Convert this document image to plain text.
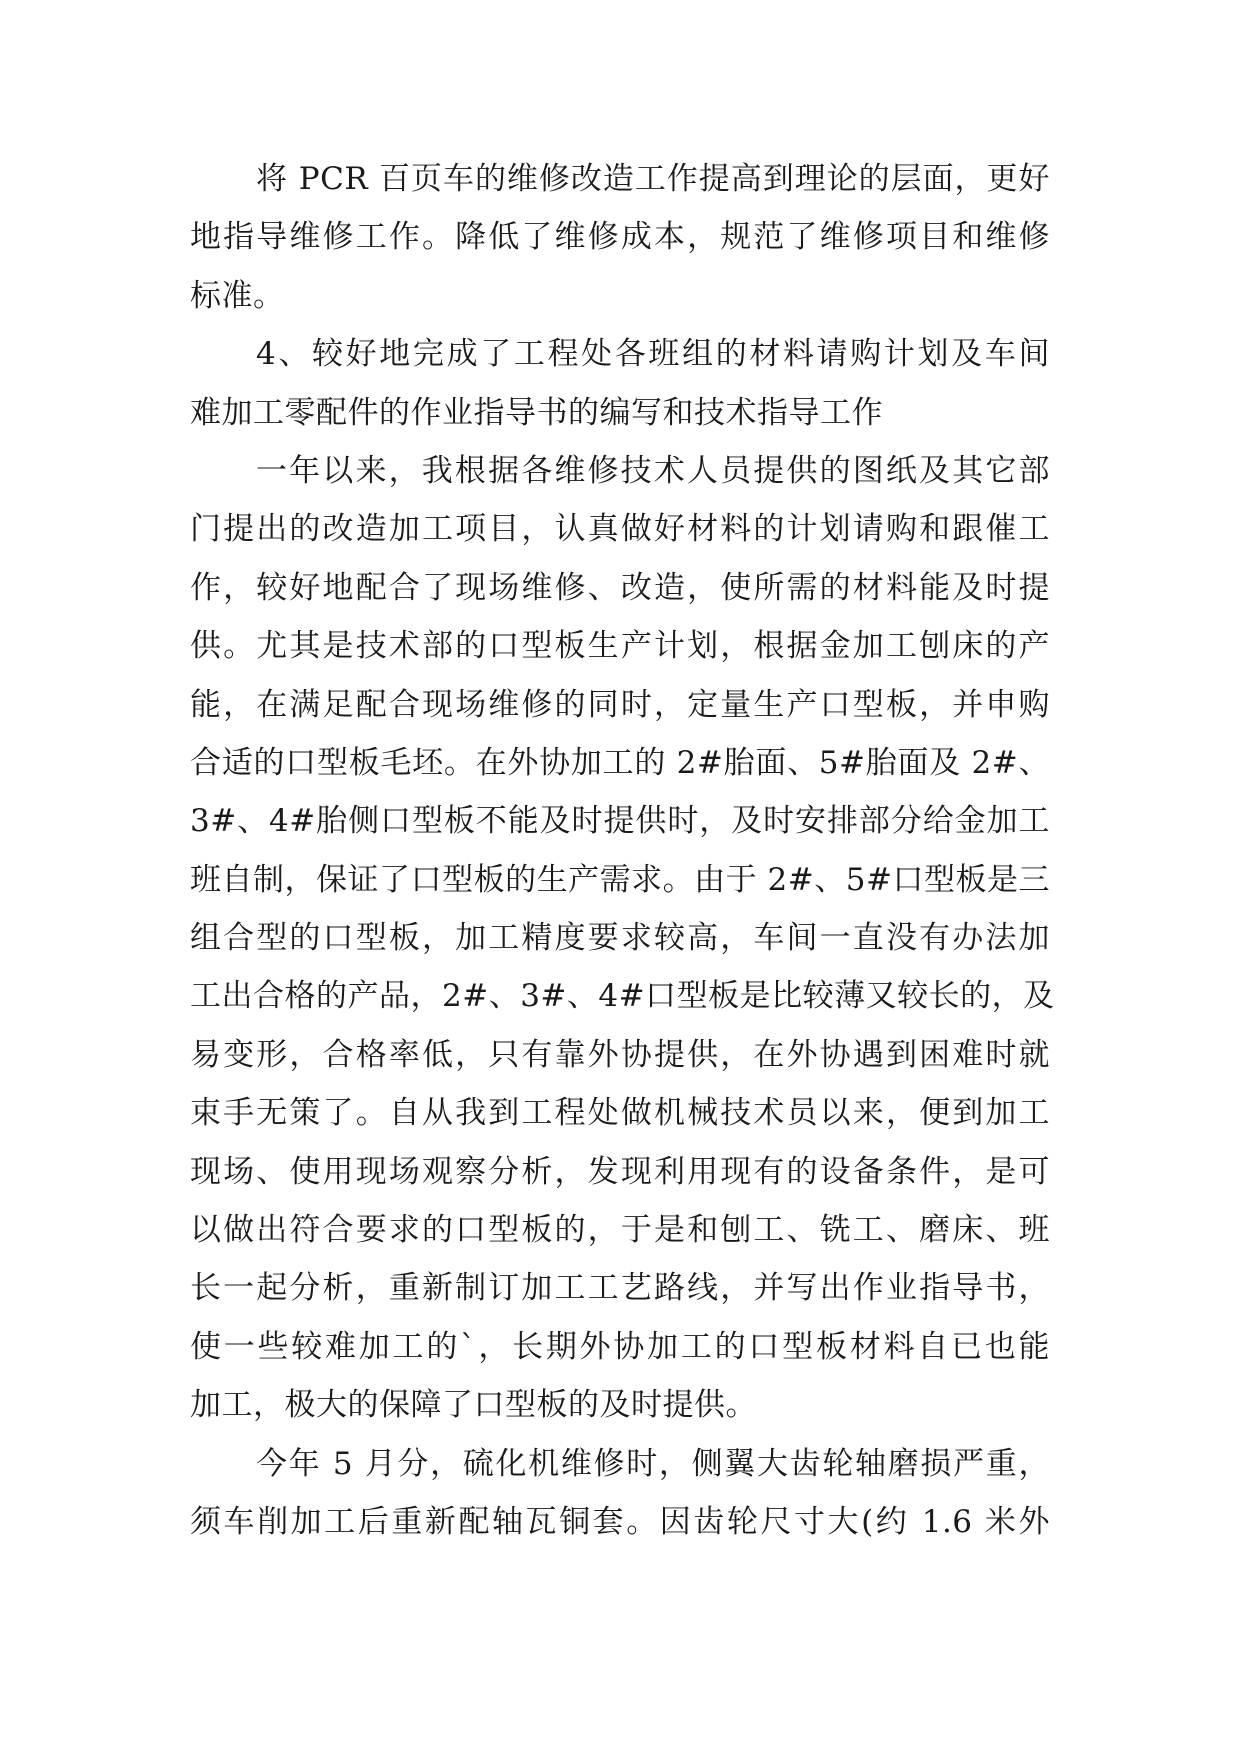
将 PCR 百页车的维修改造工作提高到理论的层面，更好
地指导维修工作。降低了维修成本，规范了维修项目和维修
标准。
4、较好地完成了工程处各班组的材料请购计划及车间
难加工零配件的作业指导书的编写和技术指导工作
一年以来，我根据各维修技术人员提供的图纸及其它部
门提出的改造加工项目，认真做好材料的计划请购和跟催工
作，较好地配合了现场维修、改造，使所需的材料能及时提
供。尤其是技术部的口型板生产计划，根据金加工刨床的产
能，在满足配合现场维修的同时，定量生产口型板，并申购
合适的口型板毛坯。在外协加工的 2#胎面、5#胎面及 2#、
3#、4#胎侧口型板不能及时提供时，及时安排部分给金加工
班自制，保证了口型板的生产需求。由于 2#、5#口型板是三
组合型的口型板，加工精度要求较高，车间一直没有办法加
工出合格的产品，2#、3#、4#口型板是比较薄又较长的，及
易变形，合格率低，只有靠外协提供，在外协遇到困难时就
束手无策了。自从我到工程处做机械技术员以来，便到加工
现场、使用现场观察分析，发现利用现有的设备条件，是可
以做出符合要求的口型板的，于是和刨工、铣工、磨床、班
长一起分析，重新制订加工工艺路线，并写出作业指导书，
使一些较难加工的`，长期外协加工的口型板材料自已也能
加工，极大的保障了口型板的及时提供。
今年 5 月分，硫化机维修时，侧翼大齿轮轴磨损严重，
须车削加工后重新配轴瓦铜套。因齿轮尺寸大(约 1.6 米外
